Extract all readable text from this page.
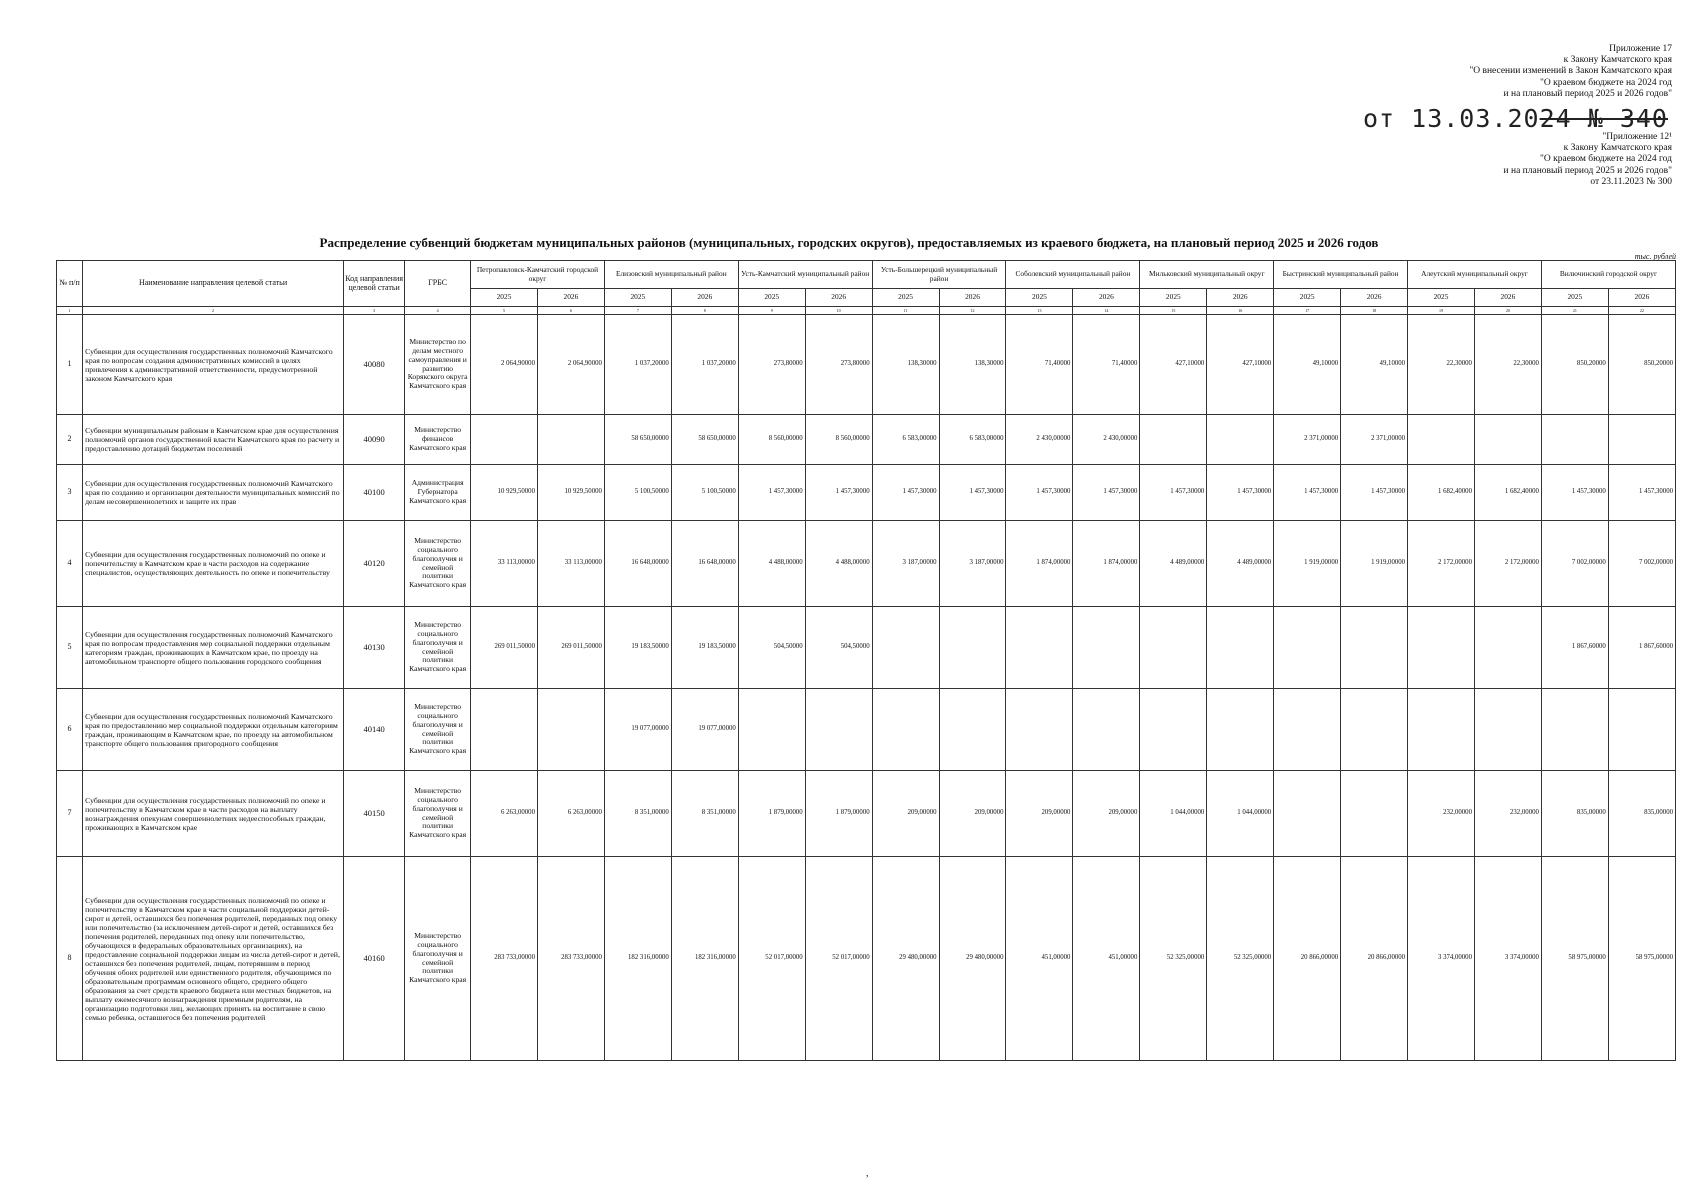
Приложение 17
к Закону Камчатского края
"О внесении изменений в Закон Камчатского края
"О краевом бюджете на 2024 год
и на плановый период 2025 и 2026 годов"
от 13.03.2024 № 340
"Приложение 12¹
к Закону Камчатского края
"О краевом бюджете на 2024 год
и на плановый период 2025 и 2026 годов"
от 23.11.2023 № 300
Распределение субвенций бюджетам муниципальных районов (муниципальных, городских округов), предоставляемых из краевого бюджета, на плановый период 2025 и 2026 годов
тыс. рублей
№ п/п	Наименование направления целевой статьи	Код направления целевой статьи	ГРБС	Петропавловск-Камчатский городской округ		Елизовский муниципальный район		Усть-Камчатский муниципальный район		Усть-Большерецкий муниципальный район		Соболевский муниципальный район		Мильковский муниципальный округ		Быстринский муниципальный район		Алеутский муниципальный округ		Вилючинский городской округ	
				2025	2026	2025	2026	2025	2026	2025	2026	2025	2026	2025	2026	2025	2026	2025	2026	2025	2026
1	2	3	4	5	6	7	8	9	10	11	12	13	14	15	16	17	18	19	20	21	22
1	Субвенции для осуществления государственных полномочий Камчатского края по вопросам создания административных комиссий в целях привлечения к административной ответственности, предусмотренной законом Камчатского края	40080	Министерство по делам местного самоуправления и развитию Корякского округа Камчатского края	2 064,90000	2 064,90000	1 037,20000	1 037,20000	273,80000	273,80000	138,30000	138,30000	71,40000	71,40000	427,10000	427,10000	49,10000	49,10000	22,30000	22,30000	850,20000	850,20000
2	Субвенции муниципальным районам в Камчатском крае для осуществления полномочий органов государственной власти Камчатского края по расчету и предоставлению дотаций бюджетам поселений	40090	Министерство финансов Камчатского края			58 650,00000	58 650,00000	8 560,00000	8 560,00000	6 583,00000	6 583,00000	2 430,00000	2 430,00000			2 371,00000	2 371,00000				
3	Субвенции для осуществления государственных полномочий Камчатского края по созданию и организации деятельности муниципальных комиссий по делам несовершеннолетних и защите их прав	40100	Администрация Губернатора Камчатского края	10 929,50000	10 929,50000	5 100,50000	5 100,50000	1 457,30000	1 457,30000	1 457,30000	1 457,30000	1 457,30000	1 457,30000	1 457,30000	1 457,30000	1 457,30000	1 457,30000	1 682,40000	1 682,40000	1 457,30000	1 457,30000
4	Субвенции для осуществления государственных полномочий по опеке и попечительству в Камчатском крае в части расходов на содержание специалистов, осуществляющих деятельность по опеке и попечительству	40120	Министерство социального благополучия и семейной политики Камчатского края	33 113,00000	33 113,00000	16 648,00000	16 648,00000	4 488,00000	4 488,00000	3 187,00000	3 187,00000	1 874,00000	1 874,00000	4 489,00000	4 489,00000	1 919,00000	1 919,00000	2 172,00000	2 172,00000	7 002,00000	7 002,00000
5	Субвенции для осуществления государственных полномочий Камчатского края по вопросам предоставления мер социальной поддержки отдельным категориям граждан, проживающих в Камчатском крае, по проезду на автомобильном транспорте общего пользования городского сообщения	40130	Министерство социального благополучия и семейной политики Камчатского края	269 011,50000	269 011,50000	19 183,50000	19 183,50000	504,50000	504,50000											1 867,60000	1 867,60000
6	Субвенции для осуществления государственных полномочий Камчатского края по предоставлению мер социальной поддержки отдельным категориям граждан, проживающим в Камчатском крае, по проезду на автомобильном транспорте общего пользования пригородного сообщения	40140	Министерство социального благополучия и семейной политики Камчатского края			19 077,00000	19 077,00000														
7	Субвенции для осуществления государственных полномочий по опеке и попечительству в Камчатском крае в части расходов на выплату вознаграждения опекунам совершеннолетних недееспособных граждан, проживающих в Камчатском крае	40150	Министерство социального благополучия и семейной политики Камчатского края	6 263,00000	6 263,00000	8 351,00000	8 351,00000	1 879,00000	1 879,00000	209,00000	209,00000	209,00000	209,00000	1 044,00000	1 044,00000			232,00000	232,00000	835,00000	835,00000
8	Субвенции для осуществления государственных полномочий по опеке и попечительству в Камчатском крае в части социальной поддержки детей-сирот и детей, оставшихся без попечения родителей, переданных под опеку или попечительство (за исключением детей-сирот и детей, оставшихся без попечения родителей, переданных под опеку или попечительство, обучающихся в федеральных образовательных организациях), на предоставление социальной поддержки лицам из числа детей-сирот и детей, оставшихся без попечения родителей, лицам, потерявшим в период обучения обоих родителей или единственного родителя, обучающимся по образовательным программам основного общего, среднего общего образования за счет средств краевого бюджета или местных бюджетов, на выплату ежемесячного вознаграждения приемным родителям, на организацию подготовки лиц, желающих принять на воспитание в свою семью ребенка, оставшегося без попечения родителей	40160	Министерство социального благополучия и семейной политики Камчатского края	283 733,00000	283 733,00000	182 316,00000	182 316,00000	52 017,00000	52 017,00000	29 480,00000	29 480,00000	451,00000	451,00000	52 325,00000	52 325,00000	20 866,00000	20 866,00000	3 374,00000	3 374,00000	58 975,00000	58 975,00000
,
